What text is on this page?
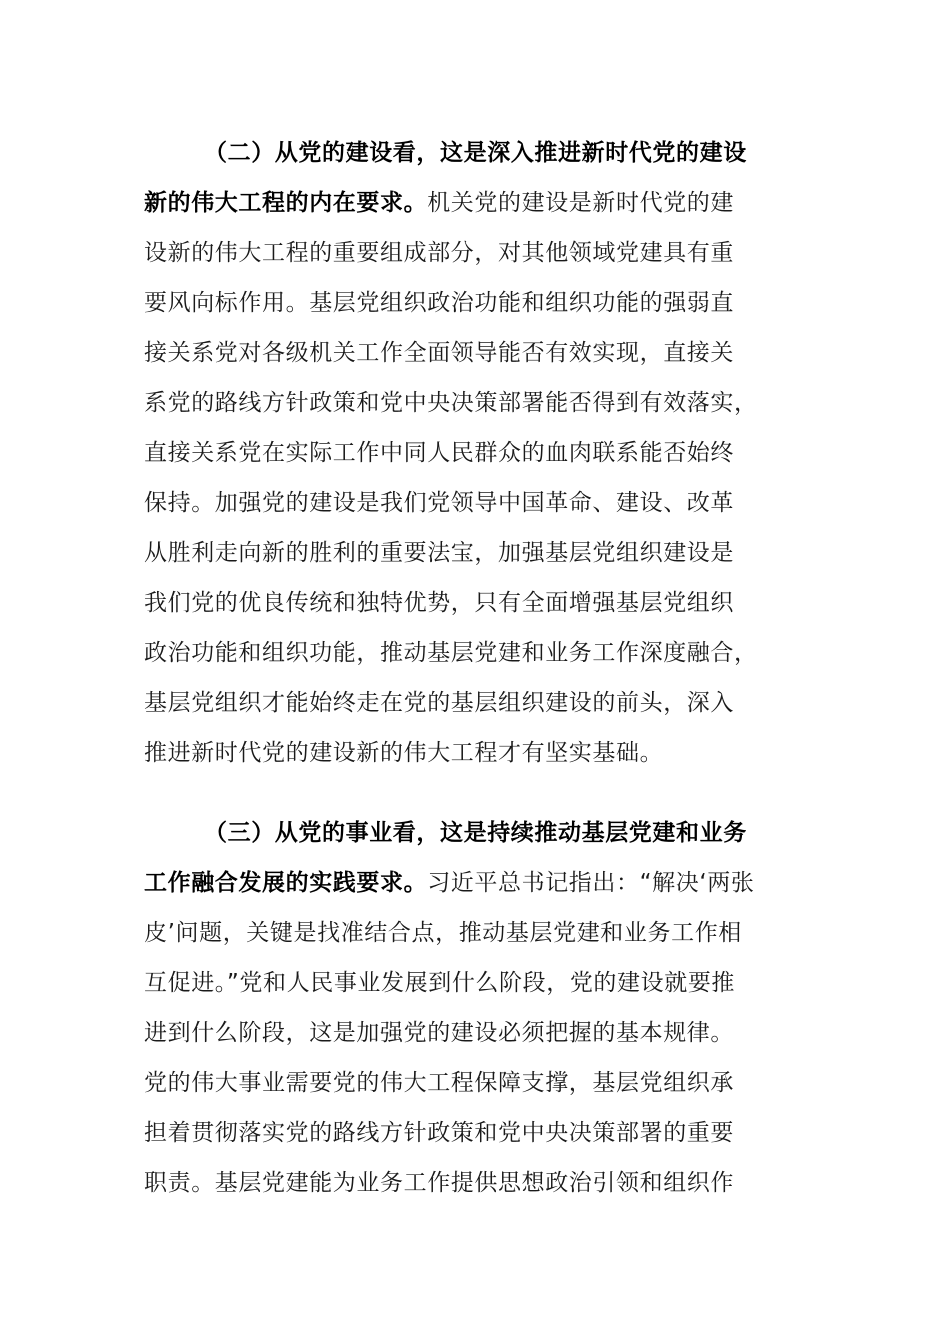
（二）从党的建设看，这是深入推进新时代党的建设
新的伟大工程的内在要求。机关党的建设是新时代党的建
设新的伟大工程的重要组成部分，对其他领域党建具有重
要风向标作用。基层党组织政治功能和组织功能的强弱直
接关系党对各级机关工作全面领导能否有效实现，直接关
系党的路线方针政策和党中央决策部署能否得到有效落实，
直接关系党在实际工作中同人民群众的血肉联系能否始终
保持。加强党的建设是我们党领导中国革命、建设、改革
从胜利走向新的胜利的重要法宝，加强基层党组织建设是
我们党的优良传统和独特优势，只有全面增强基层党组织
政治功能和组织功能，推动基层党建和业务工作深度融合，
基层党组织才能始终走在党的基层组织建设的前头，深入
推进新时代党的建设新的伟大工程才有坚实基础。
（三）从党的事业看，这是持续推动基层党建和业务
工作融合发展的实践要求。习近平总书记指出：“解决‘两张
皮’问题，关键是找准结合点，推动基层党建和业务工作相
互促进。”党和人民事业发展到什么阶段，党的建设就要推
进到什么阶段，这是加强党的建设必须把握的基本规律。
党的伟大事业需要党的伟大工程保障支撑，基层党组织承
担着贯彻落实党的路线方针政策和党中央决策部署的重要
职责。基层党建能为业务工作提供思想政治引领和组织作
